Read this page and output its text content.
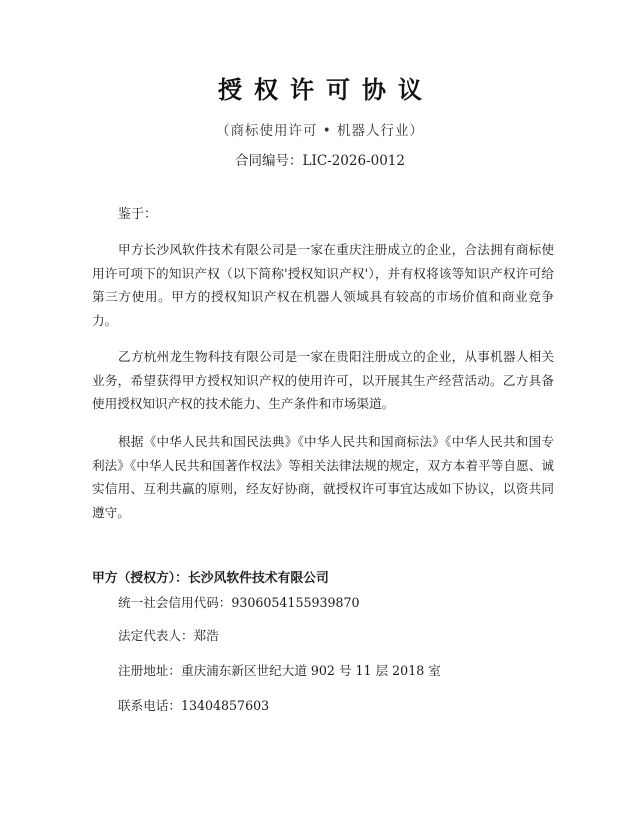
授权许可协议
（商标使用许可 • 机器人行业）
合同编号：LIC-2026-0012
鉴于：

甲方长沙风软件技术有限公司是一家在重庆注册成立的企业，合法拥有商标使用许可项下的知识产权（以下简称'授权知识产权'），并有权将该等知识产权许可给第三方使用。甲方的授权知识产权在机器人领域具有较高的市场价值和商业竞争力。

乙方杭州龙生物科技有限公司是一家在贵阳注册成立的企业，从事机器人相关业务，希望获得甲方授权知识产权的使用许可，以开展其生产经营活动。乙方具备使用授权知识产权的技术能力、生产条件和市场渠道。

根据《中华人民共和国民法典》《中华人民共和国商标法》《中华人民共和国专利法》《中华人民共和国著作权法》等相关法律法规的规定，双方本着平等自愿、诚实信用、互利共赢的原则，经友好协商，就授权许可事宜达成如下协议，以资共同遵守。

甲方（授权方）：长沙风软件技术有限公司
统一社会信用代码：9306054155939870
法定代表人：郑浩
注册地址：重庆浦东新区世纪大道 902 号 11 层 2018 室
联系电话：13404857603
